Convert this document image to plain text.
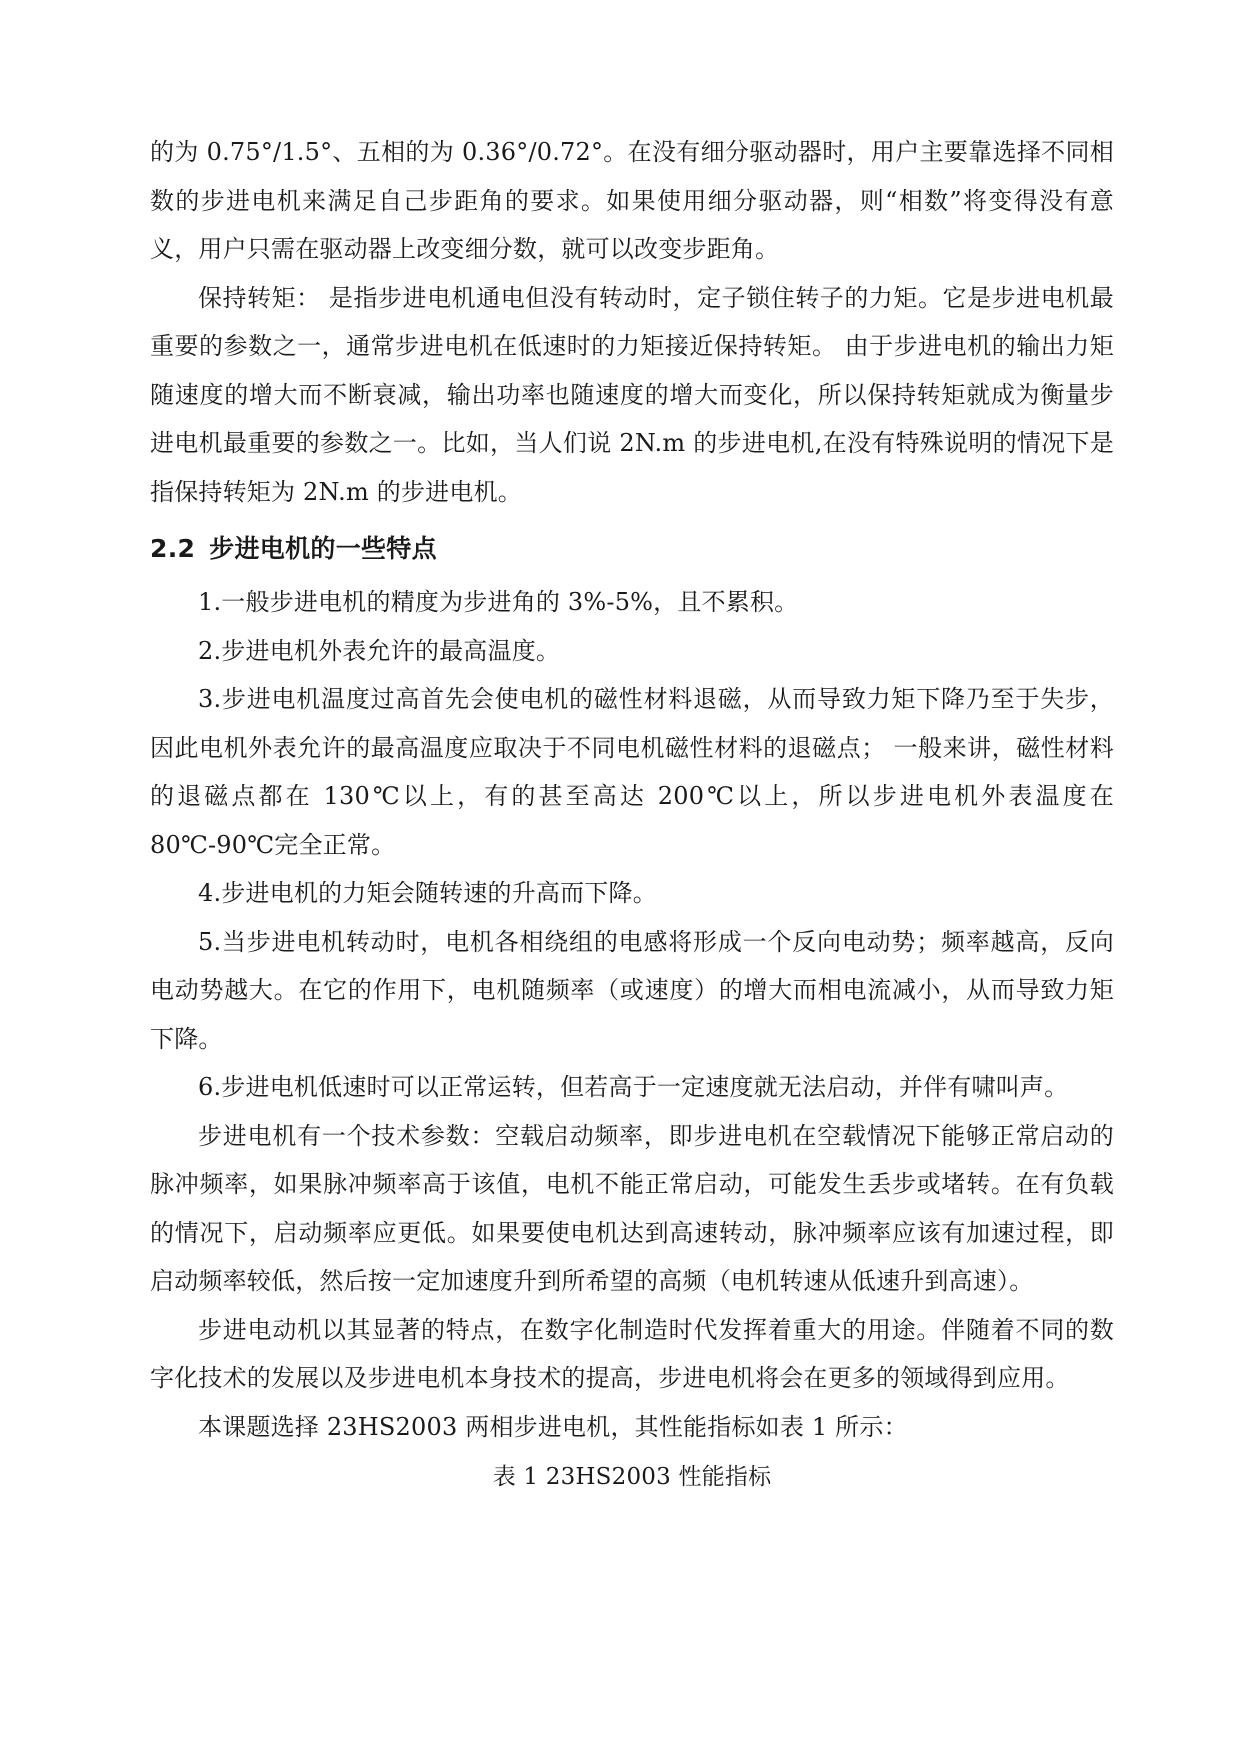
的为 0.75°/1.5°、五相的为 0.36°/0.72°。在没有细分驱动器时，用户主要靠选择不同相数的步进电机来满足自己步距角的要求。如果使用细分驱动器，则“相数”将变得没有意义，用户只需在驱动器上改变细分数，就可以改变步距角。

保持转矩： 是指步进电机通电但没有转动时，定子锁住转子的力矩。它是步进电机最重要的参数之一，通常步进电机在低速时的力矩接近保持转矩。 由于步进电机的输出力矩随速度的增大而不断衰减，输出功率也随速度的增大而变化，所以保持转矩就成为衡量步进电机最重要的参数之一。比如，当人们说 2N.m 的步进电机,在没有特殊说明的情况下是指保持转矩为 2N.m 的步进电机。

2.2 步进电机的一些特点

1.一般步进电机的精度为步进角的 3%-5%，且不累积。

2.步进电机外表允许的最高温度。

3.步进电机温度过高首先会使电机的磁性材料退磁，从而导致力矩下降乃至于失步，因此电机外表允许的最高温度应取决于不同电机磁性材料的退磁点； 一般来讲，磁性材料的退磁点都在 130℃以上，有的甚至高达 200℃以上，所以步进电机外表温度在 80℃-90℃完全正常。

4.步进电机的力矩会随转速的升高而下降。

5.当步进电机转动时，电机各相绕组的电感将形成一个反向电动势；频率越高，反向电动势越大。在它的作用下，电机随频率（或速度）的增大而相电流减小，从而导致力矩下降。

6.步进电机低速时可以正常运转，但若高于一定速度就无法启动，并伴有啸叫声。

步进电机有一个技术参数：空载启动频率，即步进电机在空载情况下能够正常启动的脉冲频率，如果脉冲频率高于该值，电机不能正常启动，可能发生丢步或堵转。在有负载的情况下，启动频率应更低。如果要使电机达到高速转动，脉冲频率应该有加速过程，即启动频率较低，然后按一定加速度升到所希望的高频（电机转速从低速升到高速）。

步进电动机以其显著的特点，在数字化制造时代发挥着重大的用途。伴随着不同的数字化技术的发展以及步进电机本身技术的提高，步进电机将会在更多的领域得到应用。

本课题选择 23HS2003 两相步进电机，其性能指标如表 1 所示：

表 1 23HS2003 性能指标
